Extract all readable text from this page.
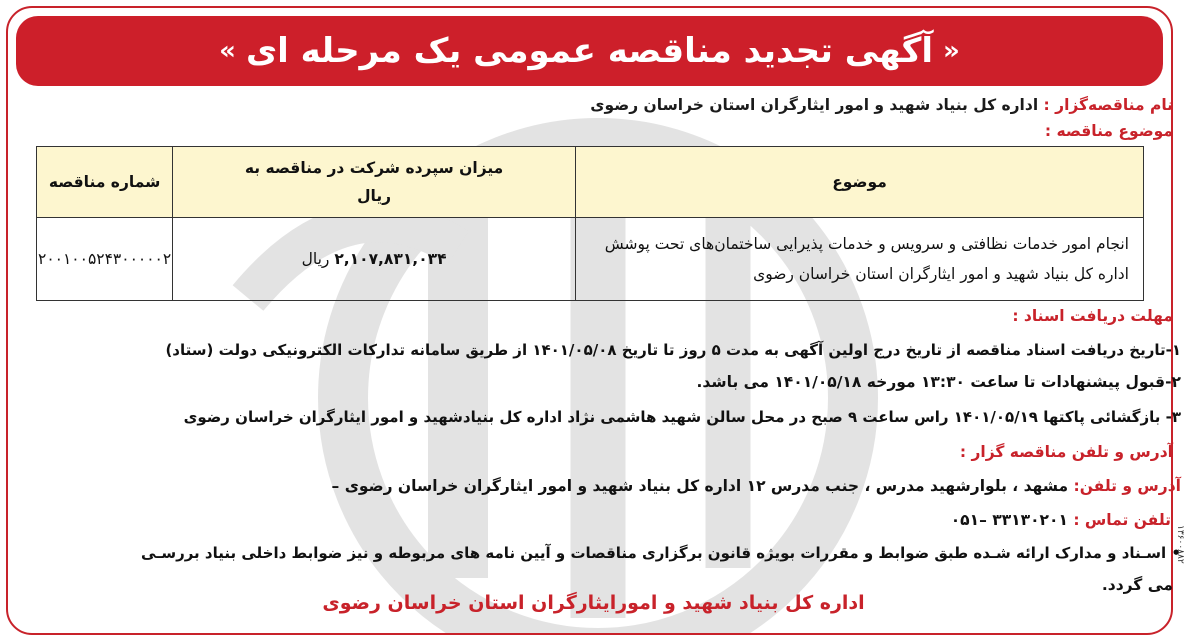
«
آگهی تجدید مناقصه عمومی یک مرحله ای
»
نام مناقصه‌گزار : اداره کل بنیاد شهید و امور ایثارگران استان خراسان رضوی
موضوع مناقصه :
موضوع	میزان سپرده شرکت در مناقصه به ریال	شماره مناقصه
انجام امور خدمات نظافتی و سرویس و خدمات پذیرایی ساختمان‌های تحت پوشش اداره کل بنیاد شهید و امور ایثارگران استان خراسان رضوی	۲,۱۰۷,۸۳۱,۰۳۴ ریال	۲۰۰۱۰۰۵۲۴۳۰۰۰۰۰۲
مهلت دریافت اسناد :
۱-تاریخ دریافت اسناد مناقصه از تاریخ درج اولین آگهی به مدت ۵ روز تا تاریخ ۱۴۰۱/۰۵/۰۸ از طریق سامانه تدارکات الکترونیکی دولت (ستاد)
۲-قبول پیشنهادات تا ساعت ۱۳:۳۰ مورخه ۱۴۰۱/۰۵/۱۸ می باشد.
۳- بازگشائی پاکتها ۱۴۰۱/۰۵/۱۹ راس ساعت ۹ صبح در محل سالن شهید هاشمی نژاد اداره کل بنیادشهید و امور ایثارگران خراسان رضوی
آدرس و تلفن مناقصه گزار :
آدرس و تلفن: مشهد ، بلوارشهید مدرس ، جنب مدرس ۱۲ اداره کل بنیاد شهید و امور ایثارگران خراسان رضوی –
تلفن تماس : ۳۳۱۳۰۲۰۱ –۰۵۱
• اسـناد و مدارک ارائه شـده طبق ضوابط و مقررات بویژه قانون برگزاری مناقصات و آیین نامه های مربوطه و نیز ضوابط داخلی بنیاد بررسـی
می گردد.
اداره کل بنیاد شهید و امورایثارگران استان خراسان رضوی
۱۳۶۰۰۸۸۲
